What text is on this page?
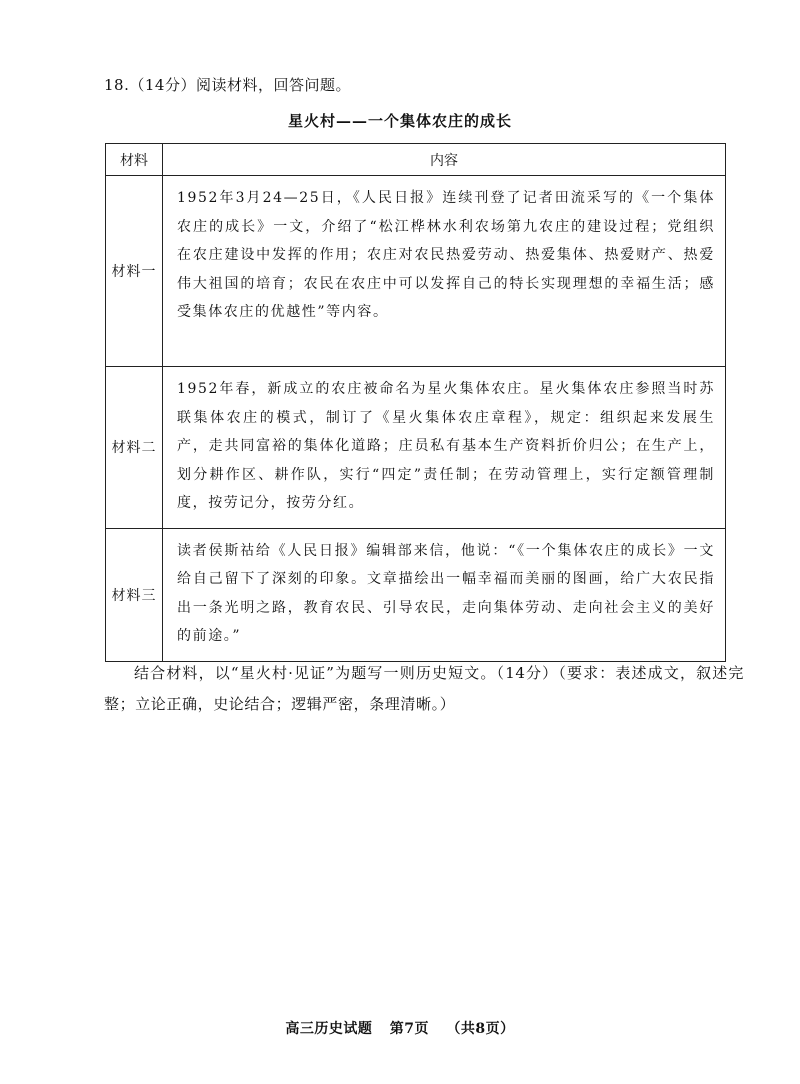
18.（14分）阅读材料，回答问题。
星火村——一个集体农庄的成长
材料	内容
材料一	1952年3月24—25日，《人民日报》连续刊登了记者田流采写的《一个集体农庄的成长》一文，介绍了“松江桦林水利农场第九农庄的建设过程；党组织在农庄建设中发挥的作用；农庄对农民热爱劳动、热爱集体、热爱财产、热爱伟大祖国的培育；农民在农庄中可以发挥自己的特长实现理想的幸福生活；感受集体农庄的优越性”等内容。
材料二	1952年春，新成立的农庄被命名为星火集体农庄。星火集体农庄参照当时苏联集体农庄的模式，制订了《星火集体农庄章程》，规定：组织起来发展生产，走共同富裕的集体化道路；庄员私有基本生产资料折价归公；在生产上，划分耕作区、耕作队，实行“四定”责任制；在劳动管理上，实行定额管理制度，按劳记分，按劳分红。
材料三	读者侯斯祜给《人民日报》编辑部来信，他说：“《一个集体农庄的成长》一文给自己留下了深刻的印象。文章描绘出一幅幸福而美丽的图画，给广大农民指出一条光明之路，教育农民、引导农民，走向集体劳动、走向社会主义的美好的前途。”
结合材料，以“星火村·见证”为题写一则历史短文。（14分）（要求：表述成文，叙述完整；立论正确，史论结合；逻辑严密，条理清晰。）
高三历史试题 第7页 （共8页）
